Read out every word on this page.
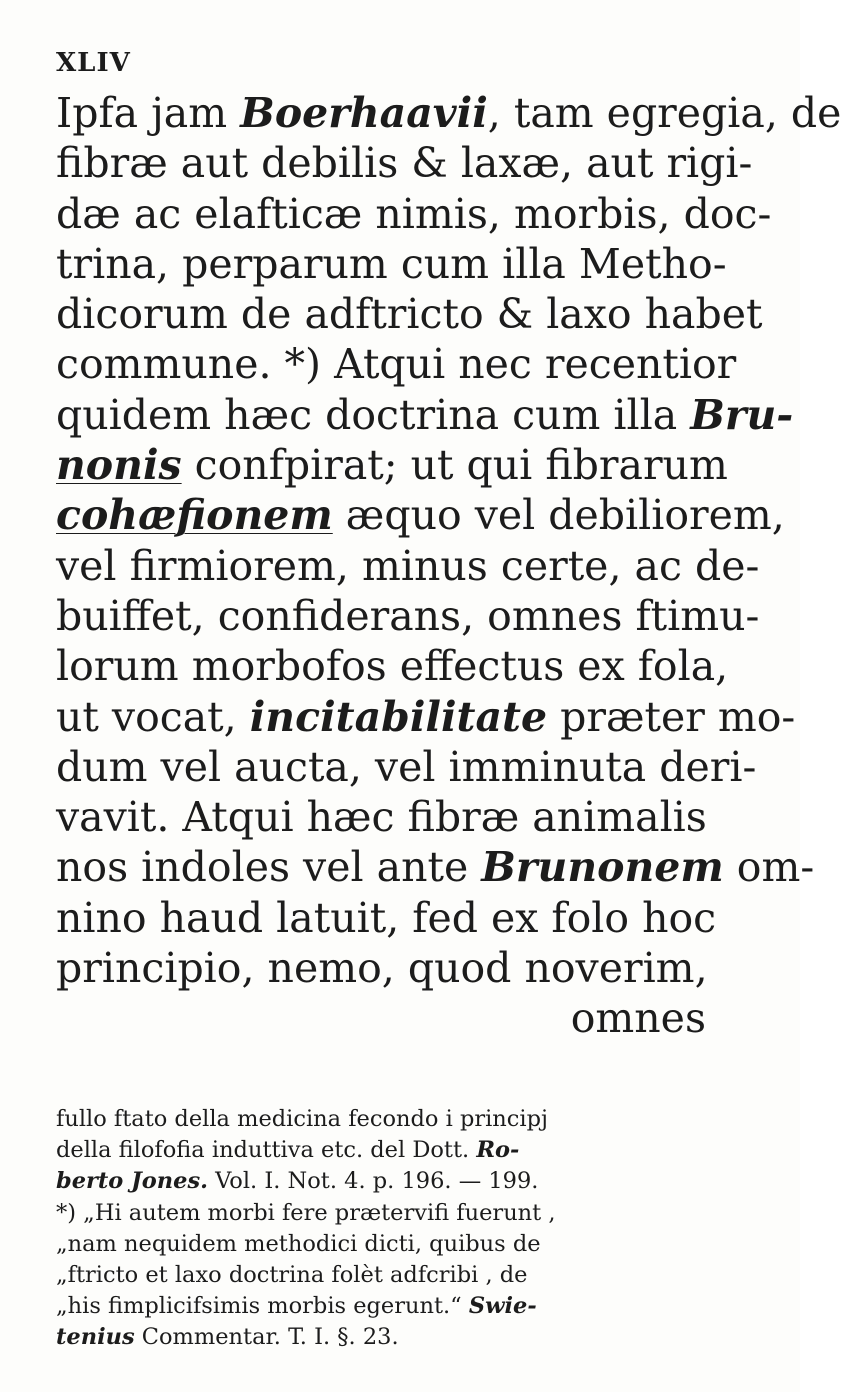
XLIV
Ipfa jam Boerhaavii, tam egregia, de
fibræ aut debilis & laxæ, aut rigi-
dæ ac elafticæ nimis, morbis, doc-
trina, perparum cum illa Metho-
dicorum de adftricto & laxo habet
commune. *) Atqui nec recentior
quidem hæc doctrina cum illa Bru-
nonis confpirat; ut qui fibrarum
cohæfionem æquo vel debiliorem,
vel firmiorem, minus certe, ac de-
buiffet, confiderans, omnes ftimu-
lorum morbofos effectus ex fola,
ut vocat, incitabilitate præter mo-
dum vel aucta, vel imminuta deri-
vavit. Atqui hæc fibræ animalis
nos indoles vel ante Brunonem om-
nino haud latuit, fed ex folo hoc
principio, nemo, quod noverim,
omnes
fullo ftato della medicina fecondo i principj
della filofofia induttiva etc. del Dott. Ro-
berto Jones. Vol. I. Not. 4. p. 196. — 199.
*) „Hi autem morbi fere prætervifi fuerunt ,
„nam nequidem methodici dicti, quibus de
„ftricto et laxo doctrina folèt adfcribi , de
„his fimplicifsimis morbis egerunt.“ Swie-
tenius Commentar. T. I. §. 23.
